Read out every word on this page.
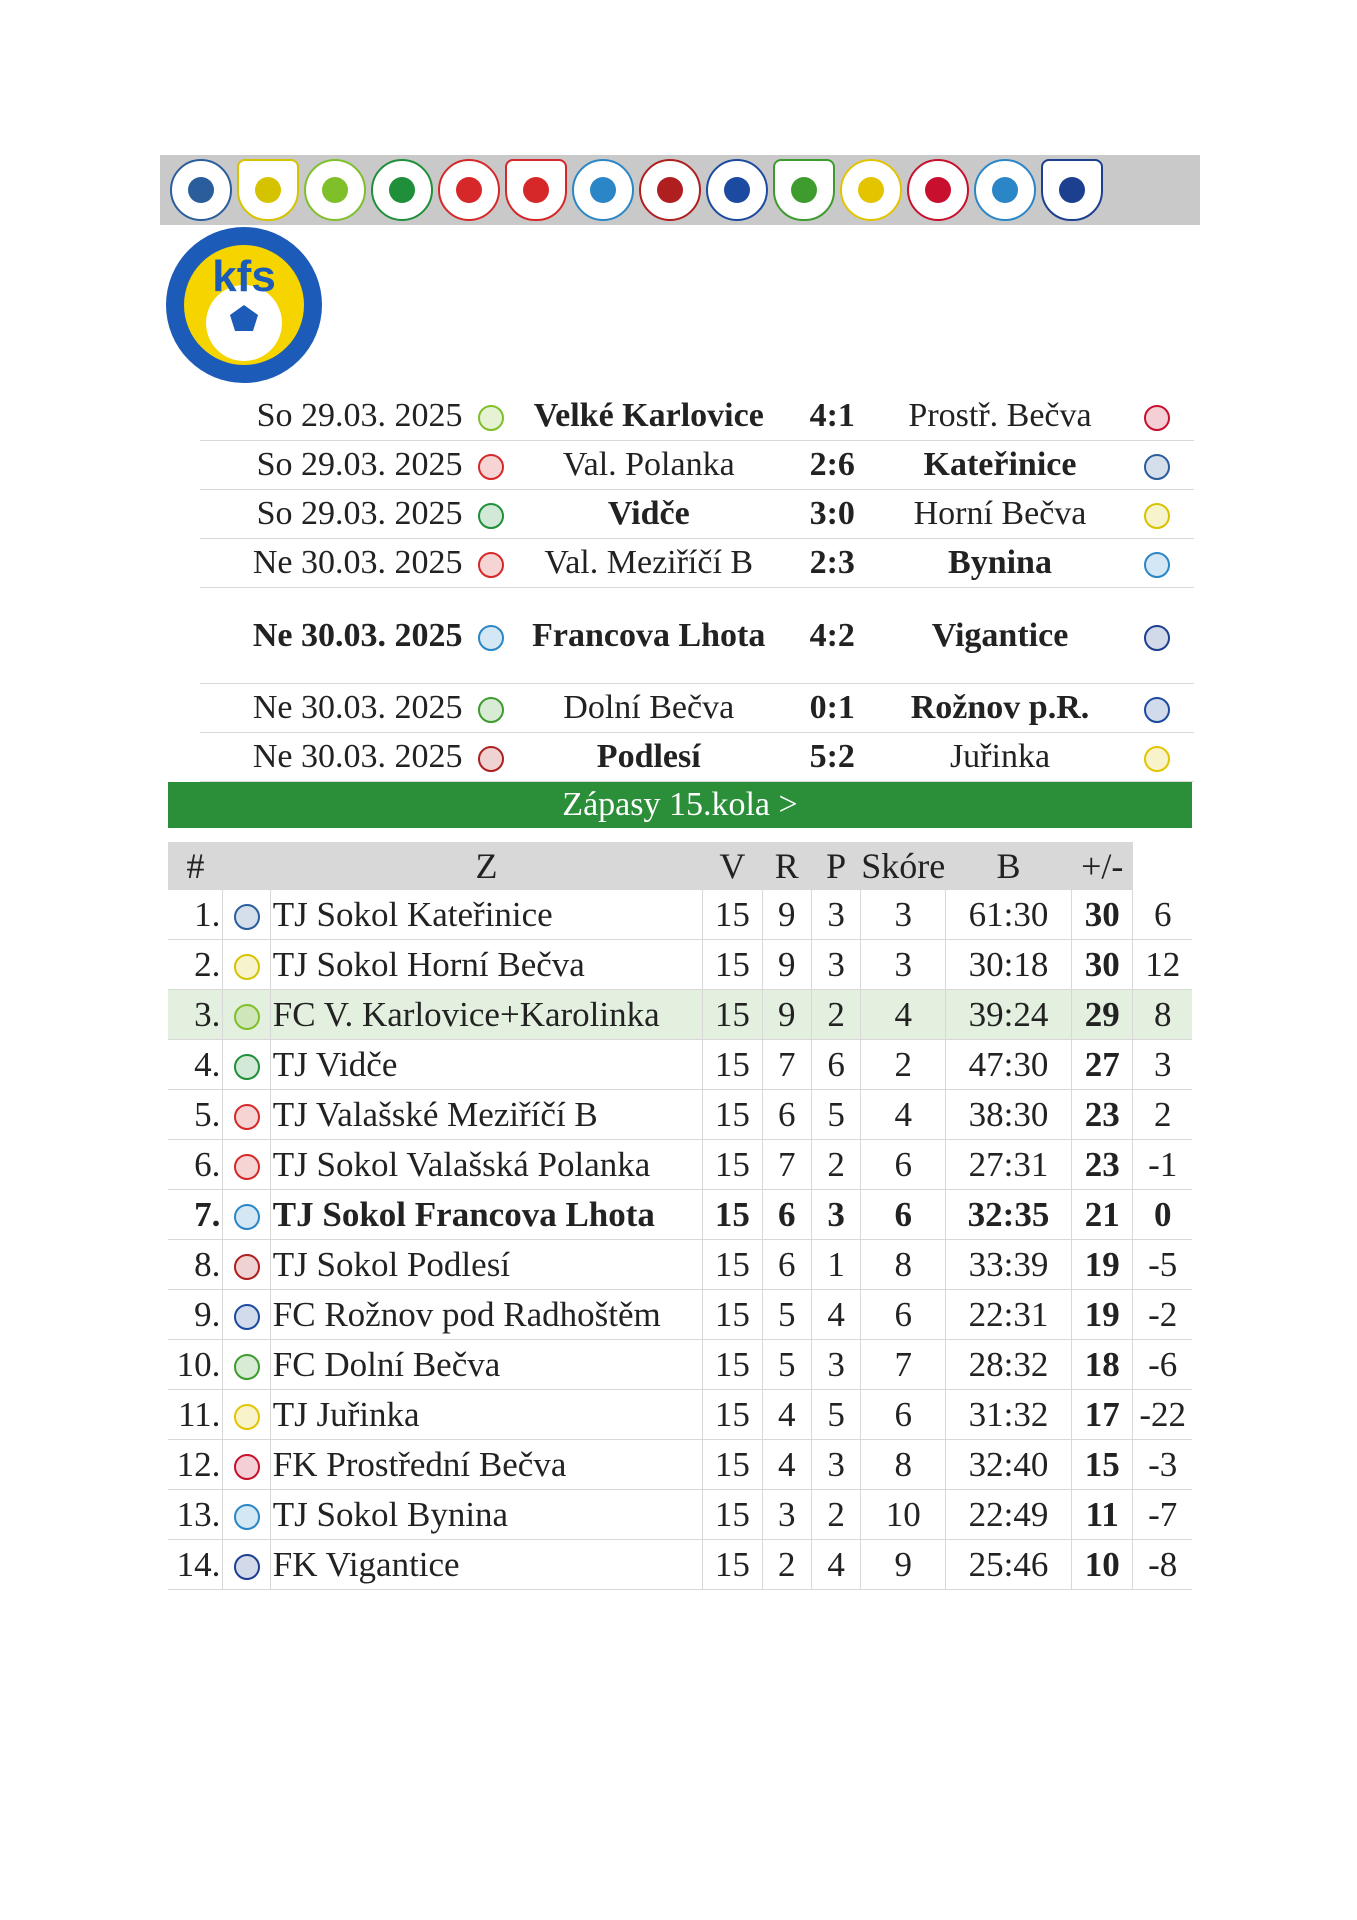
kfs
So 29.03. 2025		Velké Karlovice	4:1	Prostř. Bečva	
So 29.03. 2025		Val. Polanka	2:6	Kateřinice	
So 29.03. 2025		Vidče	3:0	Horní Bečva	
Ne 30.03. 2025		Val. Meziříčí B	2:3	Bynina	
Ne 30.03. 2025		Francova Lhota	4:2	Vigantice	
Ne 30.03. 2025		Dolní Bečva	0:1	Rožnov p.R.	
Ne 30.03. 2025		Podlesí	5:2	Juřinka	
Zápasy 15.kola >
#		Z	V	R	P	Skóre	B	+/-	
1.		TJ Sokol Kateřinice	15	9	3	3	61:30	30	6
2.		TJ Sokol Horní Bečva	15	9	3	3	30:18	30	12
3.		FC V. Karlovice+Karolinka	15	9	2	4	39:24	29	8
4.		TJ Vidče	15	7	6	2	47:30	27	3
5.		TJ Valašské Meziříčí B	15	6	5	4	38:30	23	2
6.		TJ Sokol Valašská Polanka	15	7	2	6	27:31	23	-1
7.		TJ Sokol Francova Lhota	15	6	3	6	32:35	21	0
8.		TJ Sokol Podlesí	15	6	1	8	33:39	19	-5
9.		FC Rožnov pod Radhoštěm	15	5	4	6	22:31	19	-2
10.		FC Dolní Bečva	15	5	3	7	28:32	18	-6
11.		TJ Juřinka	15	4	5	6	31:32	17	-22
12.		FK Prostřední Bečva	15	4	3	8	32:40	15	-3
13.		TJ Sokol Bynina	15	3	2	10	22:49	11	-7
14.		FK Vigantice	15	2	4	9	25:46	10	-8
